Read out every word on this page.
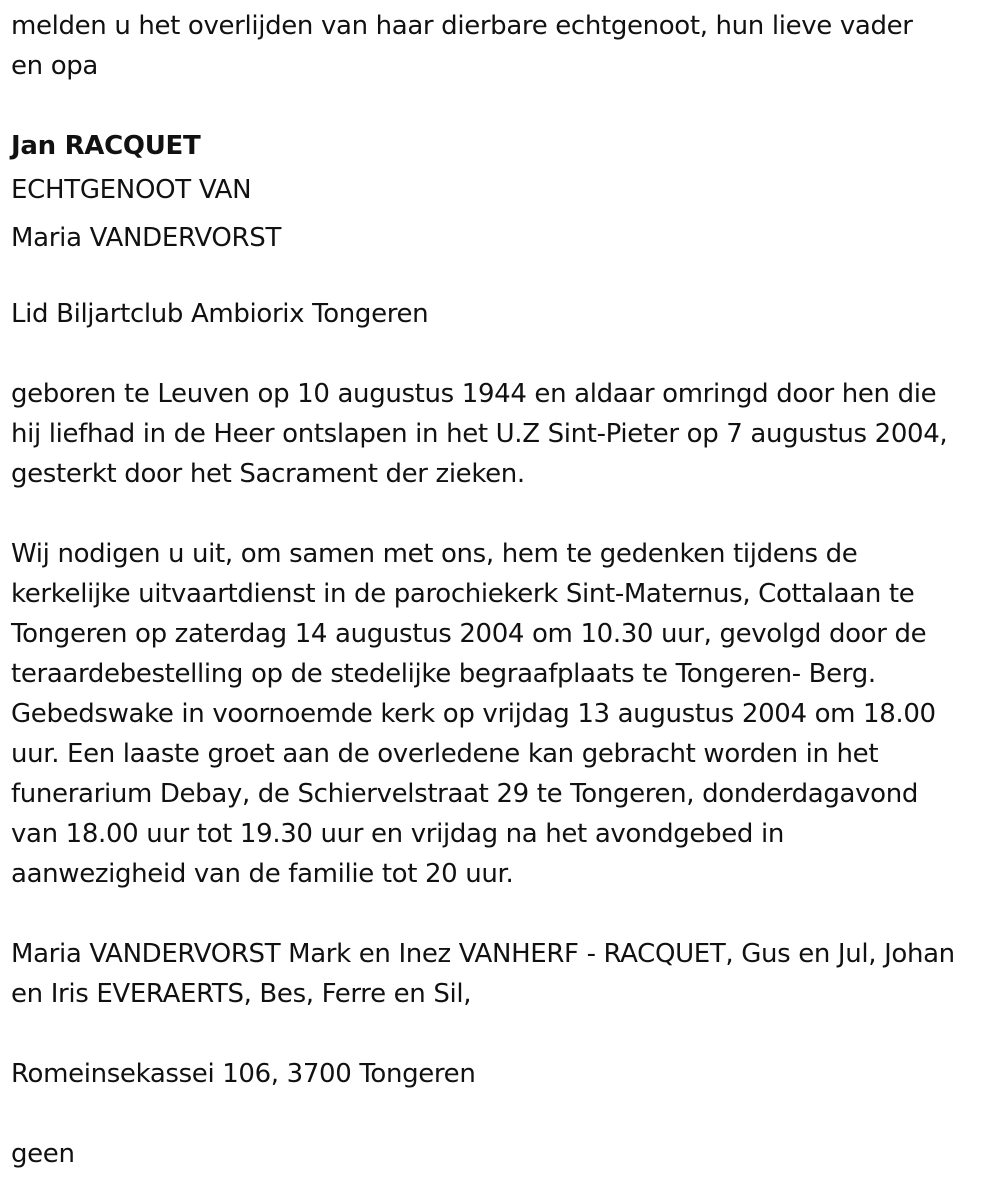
melden u het overlijden van haar dierbare echtgenoot, hun lieve vader
en opa

Jan RACQUET

ECHTGENOOT VAN

Maria VANDERVORST

Lid Biljartclub Ambiorix Tongeren

geboren te Leuven op 10 augustus 1944 en aldaar omringd door hen die
hij liefhad in de Heer ontslapen in het U.Z Sint-Pieter op 7 augustus 2004,
gesterkt door het Sacrament der zieken.

Wij nodigen u uit, om samen met ons, hem te gedenken tijdens de
kerkelijke uitvaartdienst in de parochiekerk Sint-Maternus, Cottalaan te
Tongeren op zaterdag 14 augustus 2004 om 10.30 uur, gevolgd door de
teraardebestelling op de stedelijke begraafplaats te Tongeren- Berg.
Gebedswake in voornoemde kerk op vrijdag 13 augustus 2004 om 18.00
uur. Een laaste groet aan de overledene kan gebracht worden in het
funerarium Debay, de Schiervelstraat 29 te Tongeren, donderdagavond
van 18.00 uur tot 19.30 uur en vrijdag na het avondgebed in
aanwezigheid van de familie tot 20 uur.

Maria VANDERVORST Mark en Inez VANHERF - RACQUET, Gus en Jul, Johan
en Iris EVERAERTS, Bes, Ferre en Sil,

Romeinsekassei 106, 3700 Tongeren

geen
